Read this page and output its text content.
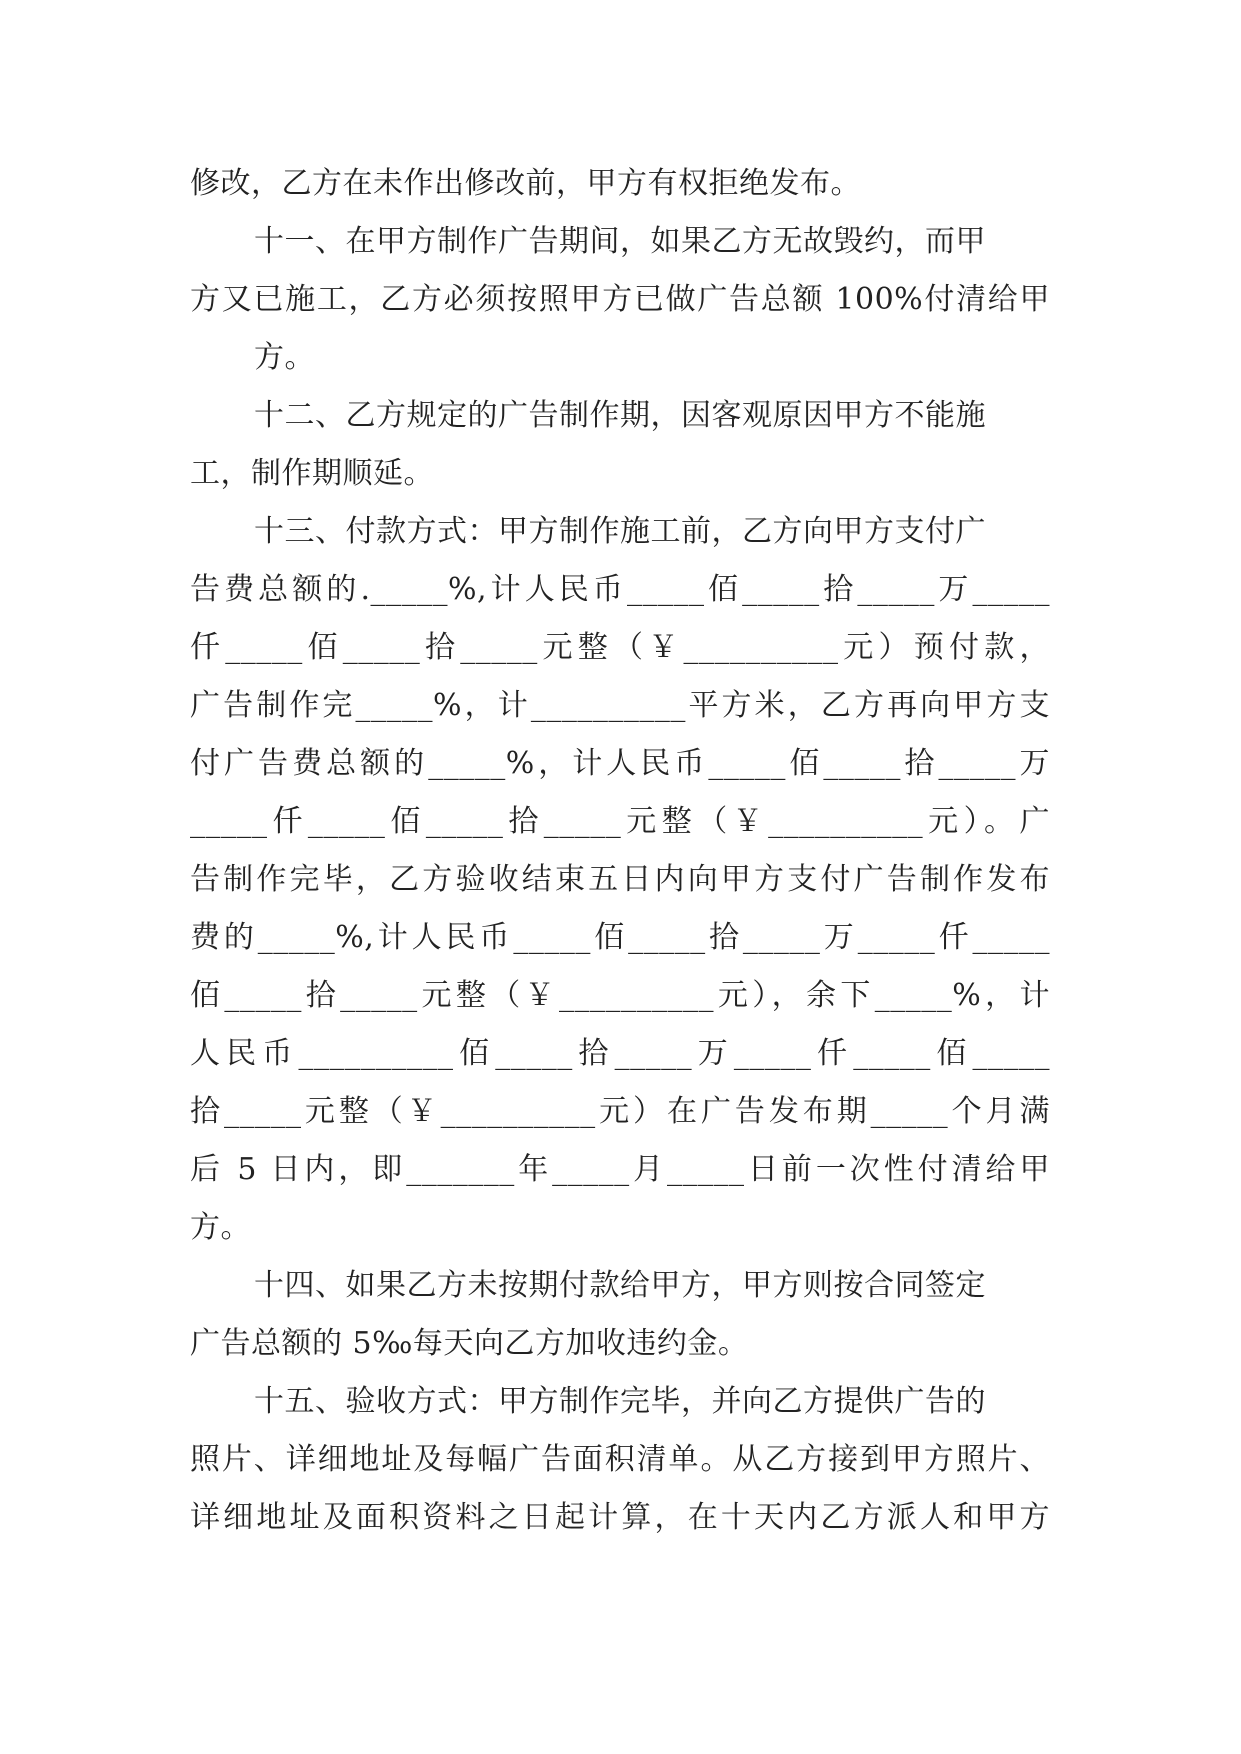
修改，乙方在未作出修改前，甲方有权拒绝发布。
十一、在甲方制作广告期间，如果乙方无故毁约，而甲
方又已施工，乙方必须按照甲方已做广告总额 100%付清给甲
方。
十二、乙方规定的广告制作期，因客观原因甲方不能施
工，制作期顺延。
十三、付款方式：甲方制作施工前，乙方向甲方支付广
告费总额的._____%,计人民币_____佰_____拾_____万_____
仟_____佰_____拾_____元整（￥__________元）预付款，
广告制作完_____%，计__________平方米，乙方再向甲方支
付广告费总额的_____%，计人民币_____佰_____拾_____万
_____仟_____佰_____拾_____元整（￥__________元）。广
告制作完毕，乙方验收结束五日内向甲方支付广告制作发布
费的_____%,计人民币_____佰_____拾_____万_____仟_____
佰_____拾_____元整（￥__________元），余下_____%，计
人民币__________佰_____拾_____万_____仟_____佰_____
拾_____元整（￥__________元）在广告发布期_____个月满
后 5 日内，即_______年_____月_____日前一次性付清给甲
方。
十四、如果乙方未按期付款给甲方，甲方则按合同签定
广告总额的 5‰每天向乙方加收违约金。
十五、验收方式：甲方制作完毕，并向乙方提供广告的
照片、详细地址及每幅广告面积清单。从乙方接到甲方照片、
详细地址及面积资料之日起计算，在十天内乙方派人和甲方
